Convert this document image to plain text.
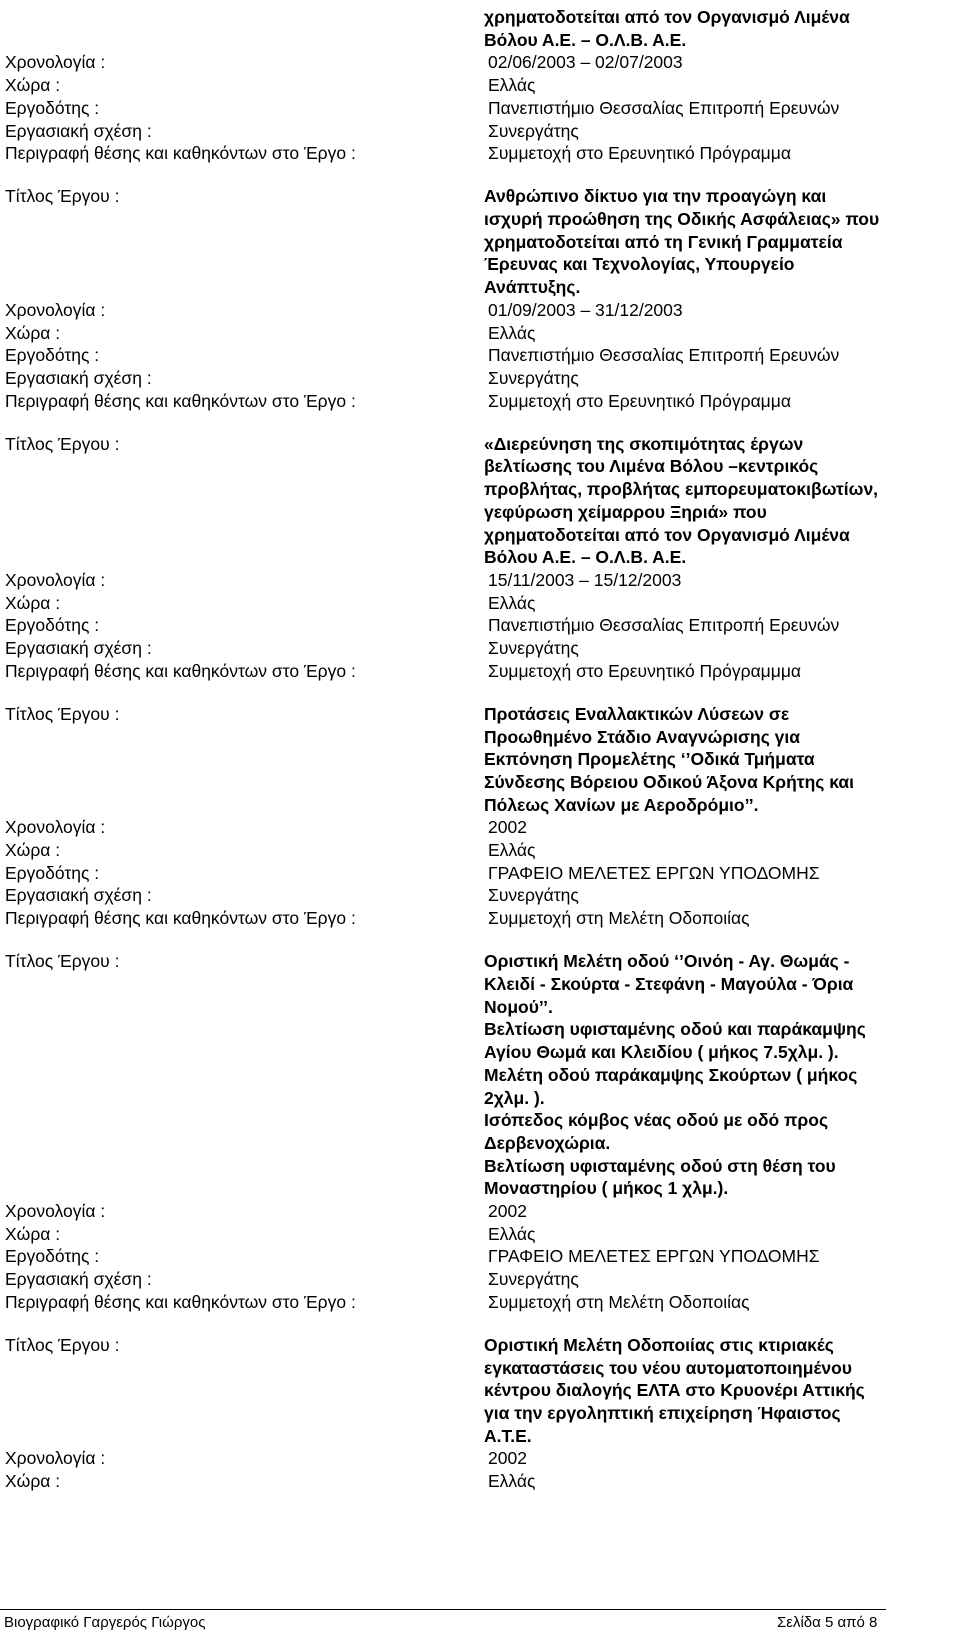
χρηματοδοτείται από τον Οργανισμό Λιμένα
Βόλου Α.Ε. – Ο.Λ.Β. Α.Ε.
Χρονολογία :	02/06/2003 – 02/07/2003
Χώρα :	Ελλάς
Εργοδότης :	Πανεπιστήμιο Θεσσαλίας Επιτροπή Ερευνών
Εργασιακή σχέση :	Συνεργάτης
Περιγραφή θέσης και καθηκόντων στο Έργο :	Συμμετοχή στο Ερευνητικό Πρόγραμμα
Τίτλος Έργου :	Ανθρώπινο δίκτυο για την προαγώγη και
ισχυρή προώθηση της Οδικής Ασφάλειας» που
χρηματοδοτείται από τη Γενική Γραμματεία
Έρευνας και Τεχνολογίας, Υπουργείο
Ανάπτυξης.
Χρονολογία :	01/09/2003 – 31/12/2003
Χώρα :	Ελλάς
Εργοδότης :	Πανεπιστήμιο Θεσσαλίας Επιτροπή Ερευνών
Εργασιακή σχέση :	Συνεργάτης
Περιγραφή θέσης και καθηκόντων στο Έργο :	Συμμετοχή στο Ερευνητικό Πρόγραμμα
Τίτλος Έργου :	«Διερεύνηση της σκοπιμότητας έργων
βελτίωσης του Λιμένα Βόλου –κεντρικός
προβλήτας, προβλήτας εμπορευματοκιβωτίων,
γεφύρωση χείμαρρου Ξηριά» που
χρηματοδοτείται από τον Οργανισμό Λιμένα
Βόλου Α.Ε. – Ο.Λ.Β. Α.Ε.
Χρονολογία :	15/11/2003 – 15/12/2003
Χώρα :	Ελλάς
Εργοδότης :	Πανεπιστήμιο Θεσσαλίας Επιτροπή Ερευνών
Εργασιακή σχέση :	Συνεργάτης
Περιγραφή θέσης και καθηκόντων στο Έργο :	Συμμετοχή στο Ερευνητικό Πρόγραμμμα
Τίτλος Έργου :	Προτάσεις Εναλλακτικών Λύσεων σε
Προωθημένο Στάδιο Αναγνώρισης για
Εκπόνηση Προμελέτης ‘’Οδικά Τμήματα
Σύνδεσης Βόρειου Οδικού Άξονα Κρήτης και
Πόλεως Χανίων με Αεροδρόμιο’’.
Χρονολογία :	2002
Χώρα :	Ελλάς
Εργοδότης :	ΓΡΑΦΕΙΟ ΜΕΛΕΤΕΣ ΕΡΓΩΝ ΥΠΟΔΟΜΗΣ
Εργασιακή σχέση :	Συνεργάτης
Περιγραφή θέσης και καθηκόντων στο Έργο :	Συμμετοχή στη Μελέτη Οδοποιίας
Τίτλος Έργου :	Οριστική Μελέτη οδού ‘’Οινόη - Αγ. Θωμάς -
Κλειδί - Σκούρτα - Στεφάνη - Μαγούλα - Όρια
Νομού’’.
Βελτίωση υφισταμένης οδού και παράκαμψης
Αγίου Θωμά και Κλειδίου ( μήκος 7.5χλμ. ).
Μελέτη οδού παράκαμψης Σκούρτων ( μήκος
2χλμ. ).
Ισόπεδος κόμβος νέας οδού με οδό προς
Δερβενοχώρια.
Βελτίωση υφισταμένης οδού στη θέση του
Μοναστηρίου ( μήκος 1 χλμ.).
Χρονολογία :	2002
Χώρα :	Ελλάς
Εργοδότης :	ΓΡΑΦΕΙΟ ΜΕΛΕΤΕΣ ΕΡΓΩΝ ΥΠΟΔΟΜΗΣ
Εργασιακή σχέση :	Συνεργάτης
Περιγραφή θέσης και καθηκόντων στο Έργο :	Συμμετοχή στη Μελέτη Οδοποιίας
Τίτλος Έργου :	Οριστική Μελέτη Οδοποιίας στις κτιριακές
εγκαταστάσεις του νέου αυτοματοποιημένου
κέντρου διαλογής ΕΛΤΑ στο Κρυονέρι Αττικής
για την εργοληπτική επιχείρηση Ήφαιστος
Α.Τ.Ε.
Χρονολογία :	2002
Χώρα :	Ελλάς
Βιογραφικό Γαργερός Γιώργος	Σελίδα 5 από 8
